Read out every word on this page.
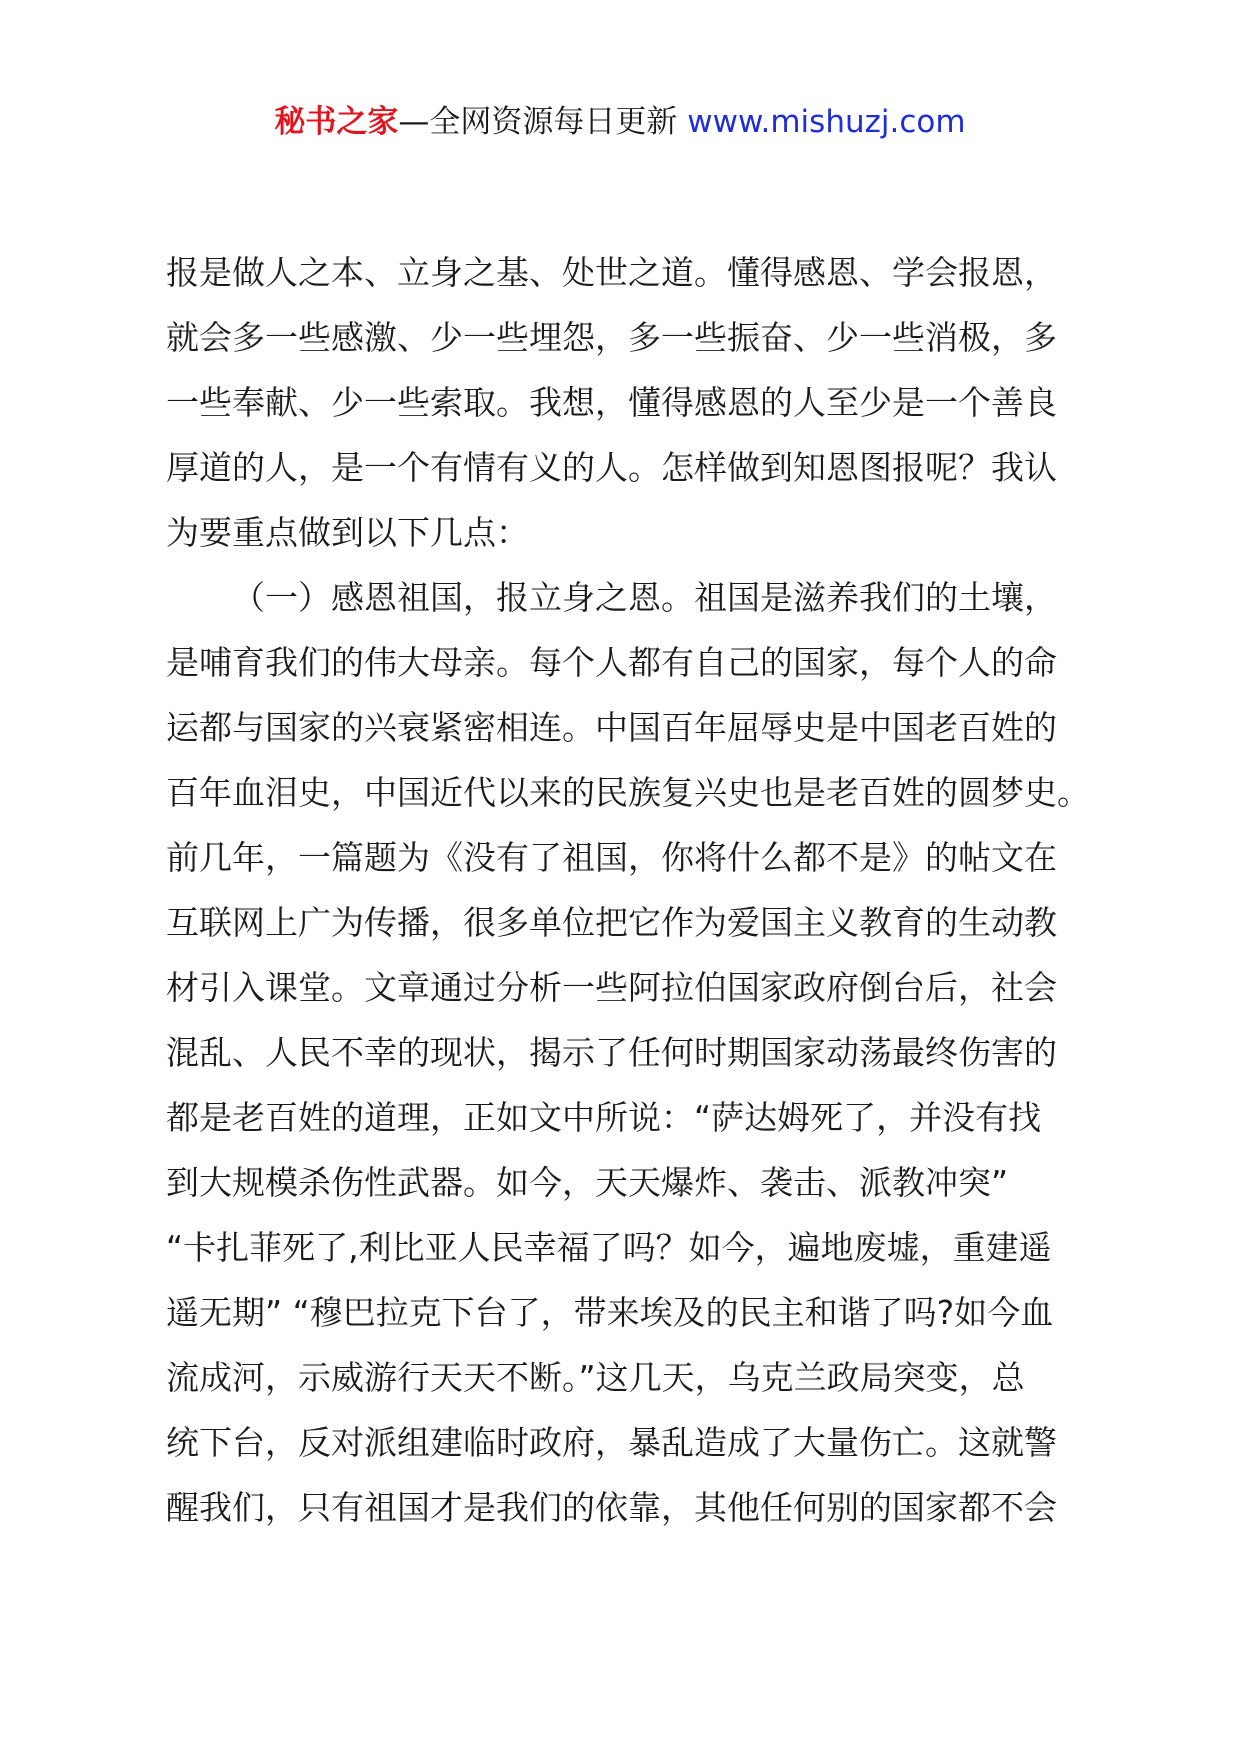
秘书之家—全网资源每日更新 www.mishuzj.com
报是做人之本、立身之基、处世之道。懂得感恩、学会报恩，
就会多一些感激、少一些埋怨，多一些振奋、少一些消极，多
一些奉献、少一些索取。我想，懂得感恩的人至少是一个善良
厚道的人，是一个有情有义的人。怎样做到知恩图报呢？我认
为要重点做到以下几点：
（一）感恩祖国，报立身之恩。祖国是滋养我们的土壤，
是哺育我们的伟大母亲。每个人都有自己的国家，每个人的命
运都与国家的兴衰紧密相连。中国百年屈辱史是中国老百姓的
百年血泪史，中国近代以来的民族复兴史也是老百姓的圆梦史。
前几年，一篇题为《没有了祖国，你将什么都不是》的帖文在
互联网上广为传播，很多单位把它作为爱国主义教育的生动教
材引入课堂。文章通过分析一些阿拉伯国家政府倒台后，社会
混乱、人民不幸的现状，揭示了任何时期国家动荡最终伤害的
都是老百姓的道理，正如文中所说：“萨达姆死了，并没有找
到大规模杀伤性武器。如今，天天爆炸、袭击、派教冲突”
“卡扎菲死了,利比亚人民幸福了吗？如今，遍地废墟，重建遥
遥无期” “穆巴拉克下台了，带来埃及的民主和谐了吗?如今血
流成河，示威游行天天不断。”这几天，乌克兰政局突变，总
统下台，反对派组建临时政府，暴乱造成了大量伤亡。这就警
醒我们，只有祖国才是我们的依靠，其他任何别的国家都不会
